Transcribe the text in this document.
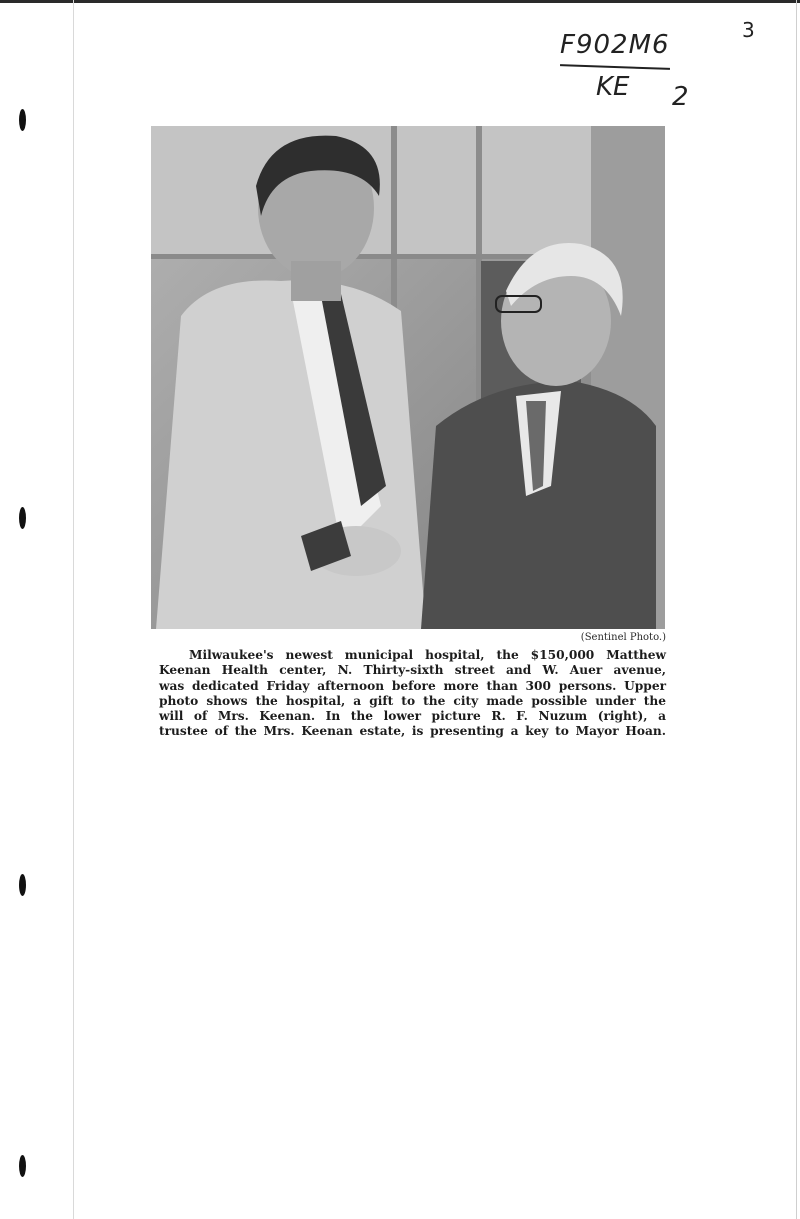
3
F902M6
KE 2
(Sentinel Photo.)
Milwaukee's newest municipal hospital, the $150,000 Matthew
Keenan Health center, N. Thirty-sixth street and W. Auer avenue,
was dedicated Friday afternoon before more than 300 persons. Upper
photo shows the hospital, a gift to the city made possible under the
will of Mrs. Keenan. In the lower picture R. F. Nuzum (right), a
trustee of the Mrs. Keenan estate, is presenting a key to Mayor Hoan.
